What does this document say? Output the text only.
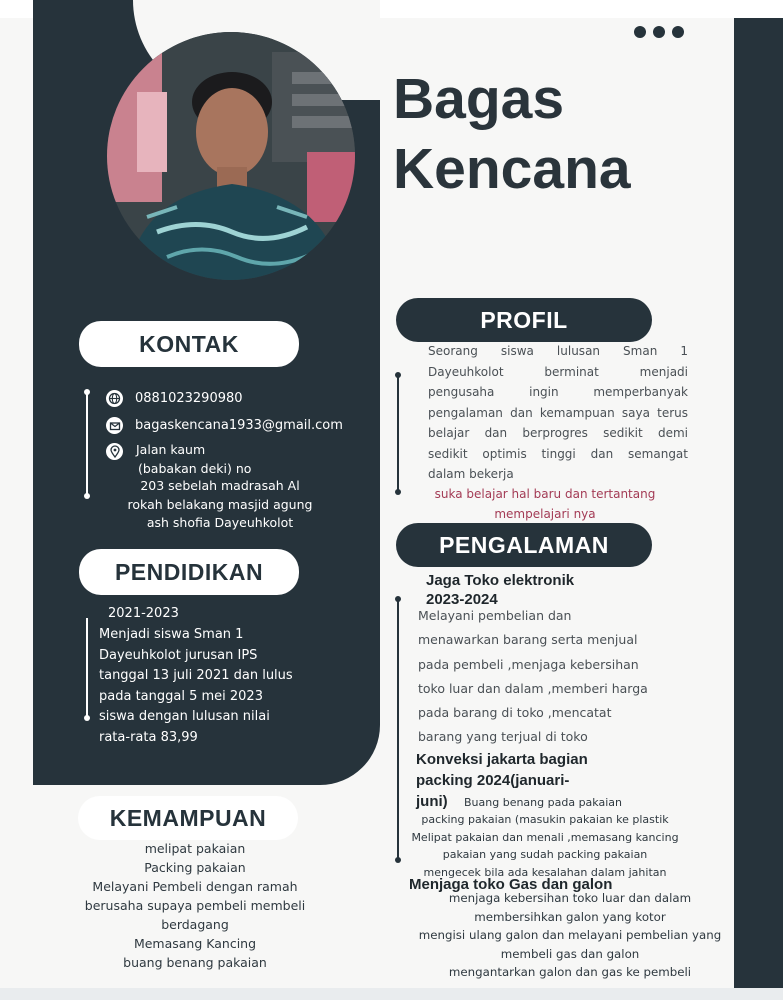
Bagas
Kencana
KONTAK
0881023290980
bagaskencana1933@gmail.com
Jalan kaum
(babakan deki) no
203 sebelah madrasah Al
rokah belakang masjid agung
ash shofia Dayeuhkolot
PENDIDIKAN
2021-2023
Menjadi siswa Sman 1
Dayeuhkolot jurusan IPS
tanggal 13 juli 2021 dan lulus
pada tanggal 5 mei 2023
siswa dengan lulusan nilai
rata-rata 83,99
KEMAMPUAN
melipat pakaian
Packing pakaian
Melayani Pembeli dengan ramah
berusaha supaya pembeli membeli
berdagang
Memasang Kancing
buang benang pakaian
PROFIL
Seorang siswa lulusan Sman 1
Dayeuhkolot berminat menjadi
pengusaha ingin memperbanyak
pengalaman dan kemampuan saya terus
belajar dan berprogres sedikit demi
sedikit optimis tinggi dan semangat
dalam bekerja
suka belajar hal baru dan tertantang
mempelajari nya
PENGALAMAN
Jaga Toko elektronik
2023-2024
Melayani pembelian dan
menawarkan barang serta menjual
pada pembeli ,menjaga kebersihan
toko luar dan dalam ,memberi harga
pada barang di toko ,mencatat
barang yang terjual di toko
Konveksi jakarta bagian
packing 2024(januari-
juni)	Buang benang pada pakaian
packing pakaian (masukin pakaian ke plastik
Melipat pakaian dan menali ,memasang kancing
pakaian yang sudah packing pakaian
mengecek bila ada kesalahan dalam jahitan
Menjaga toko Gas dan galon
menjaga kebersihan toko luar dan dalam
membersihkan galon yang kotor
mengisi ulang galon dan melayani pembelian yang
membeli gas dan galon
mengantarkan galon dan gas ke pembeli
